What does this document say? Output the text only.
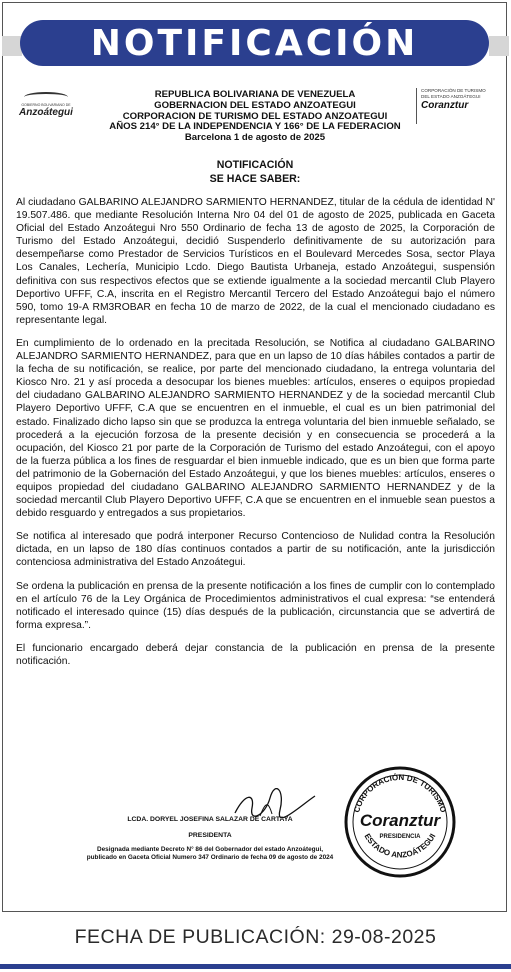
NOTIFICACIÓN
GOBIERNO BOLIVARIANO DE
Anzoátegui
CORPORACIÓN DE TURISMO
DEL ESTADO ANZOÁTEGUI
Coranztur
REPUBLICA BOLIVARIANA DE VENEZUELA
GOBERNACION DEL ESTADO ANZOATEGUI
CORPORACION DE TURISMO DEL ESTADO ANZOATEGUI
AÑOS 214° DE LA INDEPENDENCIA Y 166° DE LA FEDERACION
Barcelona 1 de agosto de 2025
NOTIFICACIÓN
SE HACE SABER:

Al ciudadano GALBARINO ALEJANDRO SARMIENTO HERNANDEZ, titular de la cédula de identidad N' 19.507.486. que mediante Resolución Interna Nro 04 del 01 de agosto de 2025, publicada en Gaceta Oficial del Estado Anzoátegui Nro 550 Ordinario de fecha 13 de agosto de 2025, la Corporación de Turismo del Estado Anzoátegui, decidió Suspenderlo definitivamente de su autorización para desempeñarse como Prestador de Servicios Turísticos en el Boulevard Mercedes Sosa, sector Playa Los Canales, Lechería, Municipio Lcdo. Diego Bautista Urbaneja, estado Anzoátegui, suspensión definitiva con sus respectivos efectos que se extiende igualmente a la sociedad mercantil Club Playero Deportivo UFFF, C.A, inscrita en el Registro Mercantil Tercero del Estado Anzoátegui bajo el número 590, tomo 19-A RM3ROBAR en fecha 10 de marzo de 2022, de la cual el mencionado ciudadano es representante legal.

En cumplimiento de lo ordenado en la precitada Resolución, se Notifica al ciudadano GALBARINO ALEJANDRO SARMIENTO HERNANDEZ, para que en un lapso de 10 días hábiles contados a partir de la fecha de su notificación, se realice, por parte del mencionado ciudadano, la entrega voluntaria del Kiosco Nro. 21 y así proceda a desocupar los bienes muebles: artículos, enseres o equipos propiedad del ciudadano GALBARINO ALEJANDRO SARMIENTO HERNANDEZ y de la sociedad mercantil Club Playero Deportivo UFFF, C.A que se encuentren en el inmueble, el cual es un bien patrimonial del estado. Finalizado dicho lapso sin que se produzca la entrega voluntaria del bien inmueble señalado, se procederá a la ejecución forzosa de la presente decisión y en consecuencia se procederá a la ocupación, del Kiosco 21 por parte de la Corporación de Turismo del estado Anzoátegui, con el apoyo de la fuerza pública a los fines de resguardar el bien inmueble indicado, que es un bien que forma parte del patrimonio de la Gobernación del Estado Anzoátegui, y que los bienes muebles: artículos, enseres o equipos propiedad del ciudadano GALBARINO ALEJANDRO SARMIENTO HERNANDEZ y de la sociedad mercantil Club Playero Deportivo UFFF, C.A que se encuentren en el inmueble sean puestos a debido resguardo y entregados a sus propietarios.

Se notifica al interesado que podrá interponer Recurso Contencioso de Nulidad contra la Resolución dictada, en un lapso de 180 días continuos contados a partir de su notificación, ante la jurisdicción contenciosa administrativa del Estado Anzoátegui.

Se ordena la publicación en prensa de la presente notificación a los fines de cumplir con lo contemplado en el artículo 76 de la Ley Orgánica de Procedimientos administrativos el cual expresa: “se entenderá notificado el interesado quince (15) días después de la publicación, circunstancia que se advertirá de forma expresa.”.

El funcionario encargado deberá dejar constancia de la publicación en prensa de la presente notificación.

LCDA. DORYEL JOSEFINA SALAZAR DE CARTAYA
PRESIDENTA
Designada mediante Decreto N° 86 del Gobernador del estado Anzoátegui,
publicado en Gaceta Oficial Numero 347 Ordinario de fecha 09 de agosto de 2024
CORPORACIÓN DE TURISMO
Coranztur
PRESIDENCIA
ESTADO ANZOÁTEGUI
FECHA DE PUBLICACIÓN: 29-08-2025
